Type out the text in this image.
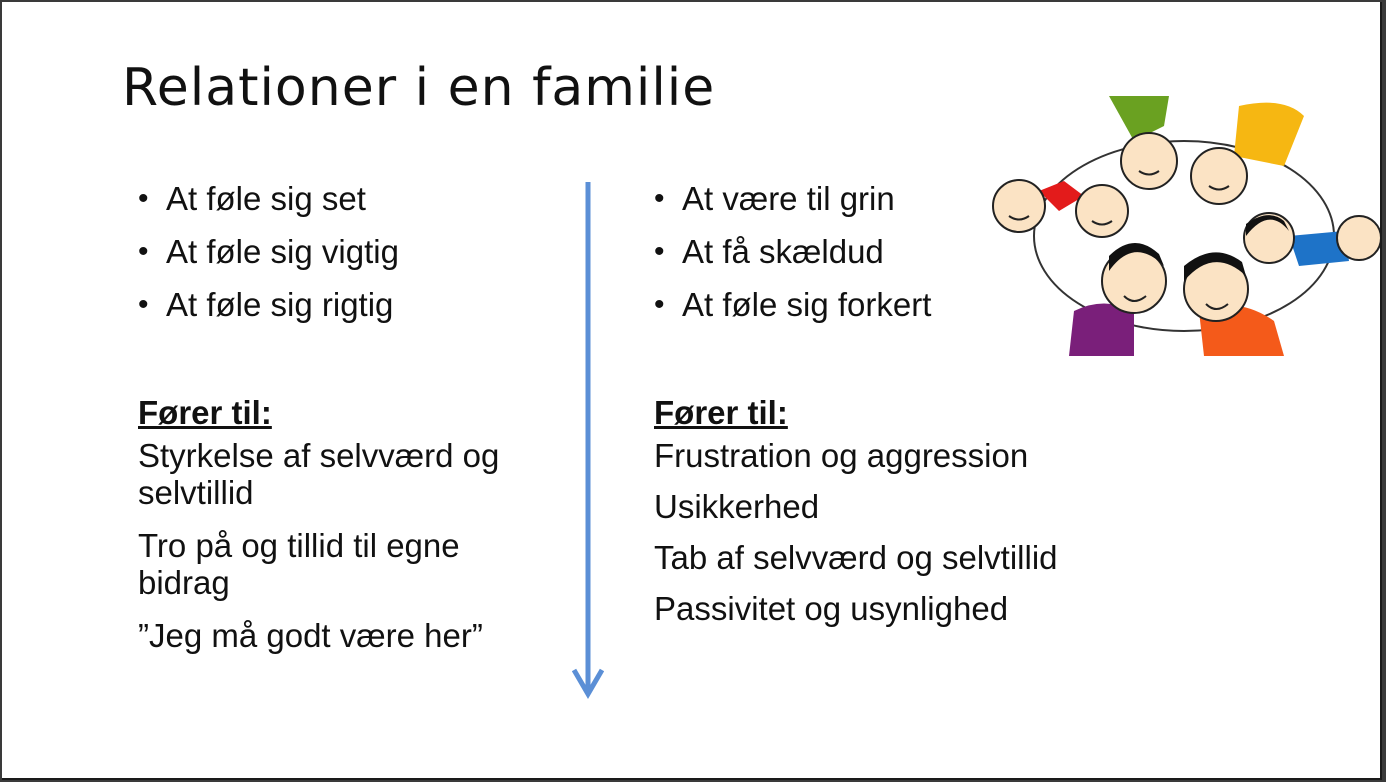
Relationer i en familie
• At føle sig set
• At føle sig vigtig
• At føle sig rigtig
Fører til:
Styrkelse af selvværd og selvtillid
Tro på og tillid til egne bidrag
”Jeg må godt være her”
• At være til grin
• At få skældud
• At føle sig forkert
Fører til:
Frustration og aggression
Usikkerhed
Tab af selvværd og selvtillid
Passivitet og usynlighed
